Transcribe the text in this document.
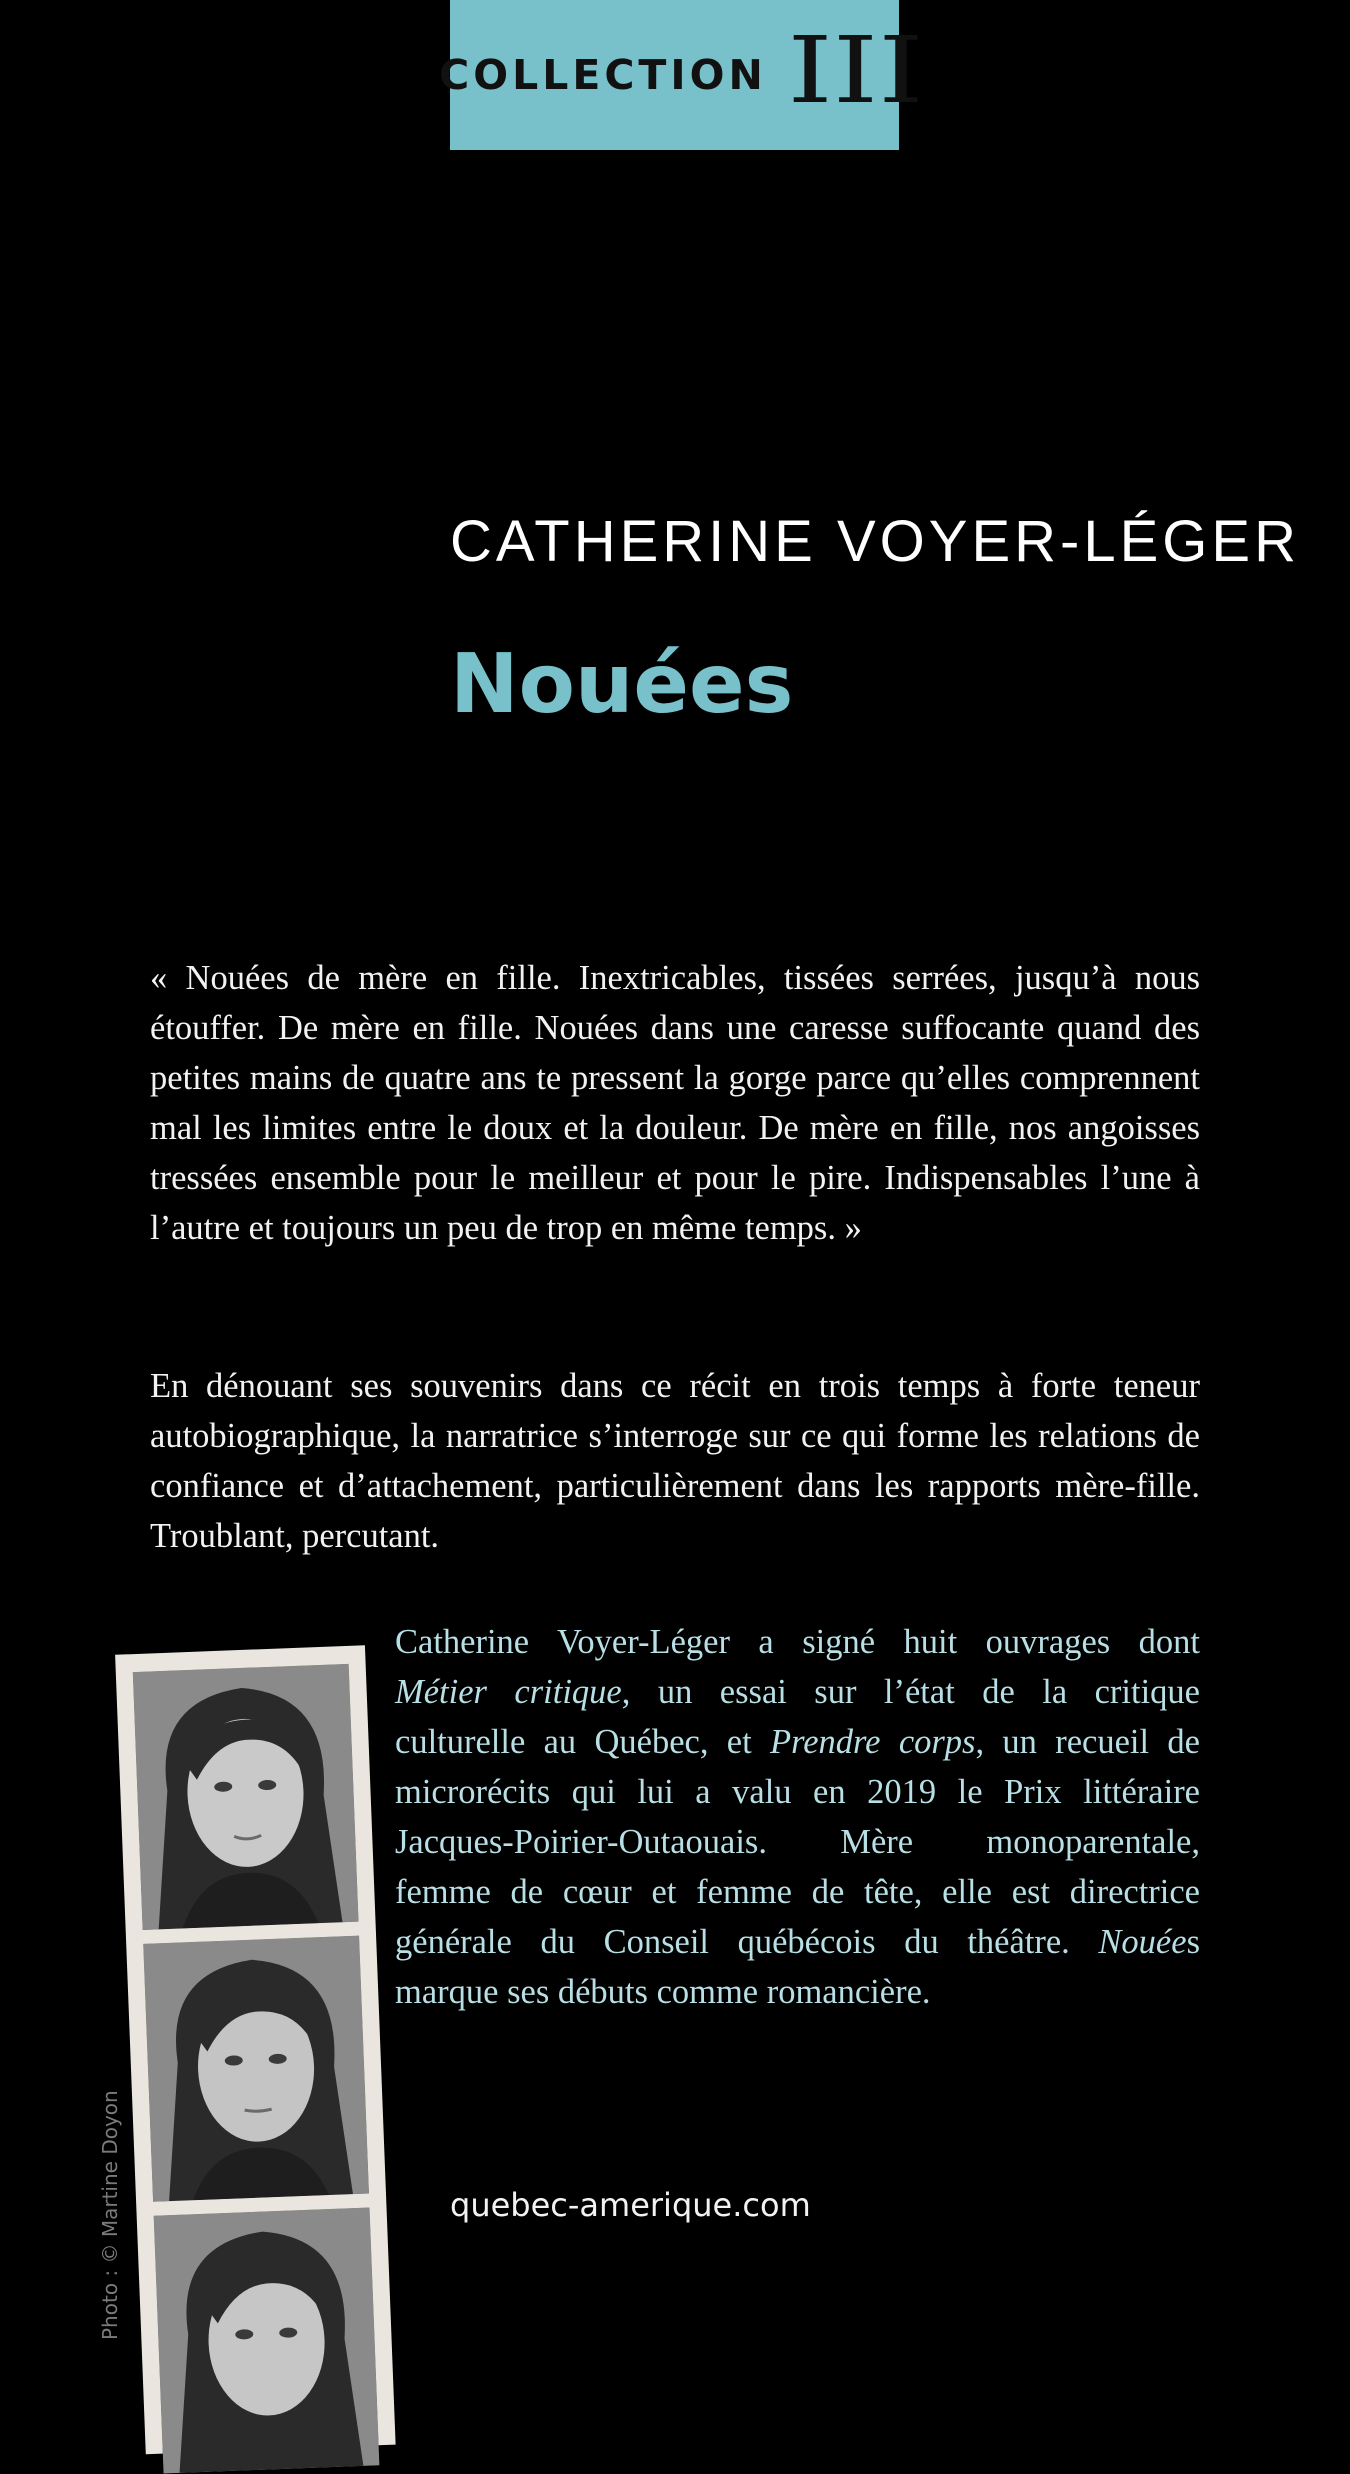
COLLECTION III
CATHERINE VOYER-LÉGER
Nouées
« Nouées de mère en fille. Inextricables, tissées serrées, jusqu’à nous étouffer. De mère en fille. Nouées dans une caresse suffocante quand des petites mains de quatre ans te pressent la gorge parce qu’elles comprennent mal les limites entre le doux et la douleur. De mère en fille, nos angoisses tressées ensemble pour le meilleur et pour le pire. Indispensables l’une à l’autre et toujours un peu de trop en même temps. »
En dénouant ses souvenirs dans ce récit en trois temps à forte teneur autobiographique, la narratrice s’interroge sur ce qui forme les relations de confiance et d’attachement, particulièrement dans les rapports mère-fille. Troublant, percutant.
Photo : © Martine Doyon
Catherine Voyer-Léger a signé huit ouvrages dont
Métier critique, un essai sur l’état de la critique
culturelle au Québec, et Prendre corps, un recueil de
microrécits qui lui a valu en 2019 le Prix littéraire
Jacques-Poirier-Outaouais. Mère monoparentale,
femme de cœur et femme de tête, elle est directrice
générale du Conseil québécois du théâtre. Nouées
marque ses débuts comme romancière.
quebec-amerique.com
